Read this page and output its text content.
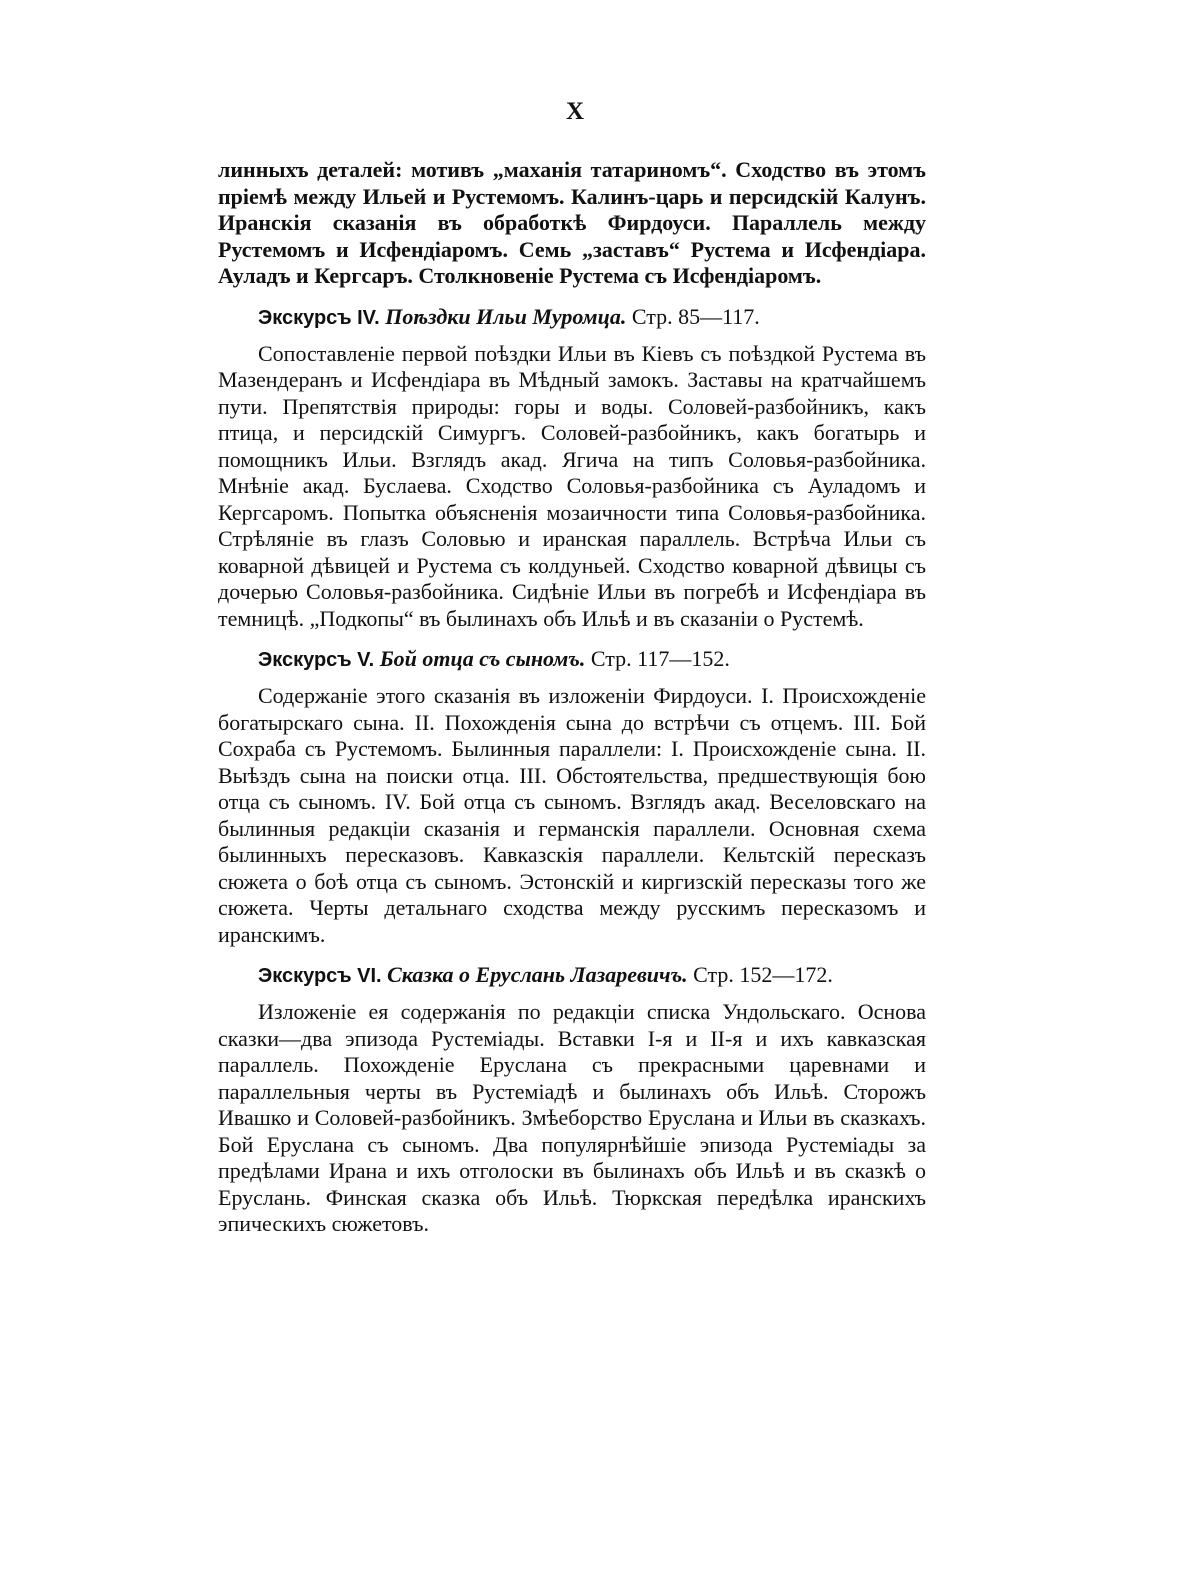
X

линныхъ деталей: мотивъ „маханія татариномъ“. Сходство въ этомъ пріемѣ между Ильей и Рустемомъ. Калинъ-царь и персидскій Калунъ. Иранскія сказанія въ обработкѣ Фирдоуси. Параллель между Рустемомъ и Исфендіаромъ. Семь „заставъ“ Рустема и Исфендіара. Ауладъ и Кергсаръ. Столкновеніе Рустема съ Исфендіаромъ.

Экскурсъ IV. Поѣздки Ильи Муромца. Стр. 85—117.

Сопоставленіе первой поѣздки Ильи въ Кіевъ съ поѣздкой Рустема въ Мазендеранъ и Исфендіара въ Мѣдный замокъ. Заставы на кратчайшемъ пути. Препятствія природы: горы и воды. Соловей-разбойникъ, какъ птица, и персидскій Симургъ. Соловей-разбойникъ, какъ богатырь и помощникъ Ильи. Взглядъ акад. Ягича на типъ Соловья-разбойника. Мнѣніе акад. Буслаева. Сходство Соловья-разбойника съ Ауладомъ и Кергсаромъ. Попытка объясненія мозаичности типа Соловья-разбойника. Стрѣляніе въ глазъ Соловью и иранская параллель. Встрѣча Ильи съ коварной дѣвицей и Рустема съ колдуньей. Сходство коварной дѣвицы съ дочерью Соловья-разбойника. Сидѣніе Ильи въ погребѣ и Исфендіара въ темницѣ. „Подкопы“ въ былинахъ объ Ильѣ и въ сказаніи о Рустемѣ.

Экскурсъ V. Бой отца съ сыномъ. Стр. 117—152.

Содержаніе этого сказанія въ изложеніи Фирдоуси. I. Происхожденіе богатырскаго сына. II. Похожденія сына до встрѣчи съ отцемъ. III. Бой Сохраба съ Рустемомъ. Былинныя параллели: I. Происхожденіе сына. II. Выѣздъ сына на поиски отца. III. Обстоятельства, предшествующія бою отца съ сыномъ. IV. Бой отца съ сыномъ. Взглядъ акад. Веселовскаго на былинныя редакціи сказанія и германскія параллели. Основная схема былинныхъ пересказовъ. Кавказскія параллели. Кельтскій пересказъ сюжета о боѣ отца съ сыномъ. Эстонскій и киргизскій пересказы того же сюжета. Черты детальнаго сходства между русскимъ пересказомъ и иранскимъ.

Экскурсъ VI. Сказка о Еруслань Лазаревичъ. Стр. 152—172.

Изложеніе ея содержанія по редакціи списка Ундольскаго. Основа сказки—два эпизода Рустеміады. Вставки I-я и II-я и ихъ кавказская параллель. Похожденіе Еруслана съ прекрасными царевнами и параллельныя черты въ Рустеміадѣ и былинахъ объ Ильѣ. Сторожъ Ивашко и Соловей-разбойникъ. Змѣеборство Еруслана и Ильи въ сказкахъ. Бой Еруслана съ сыномъ. Два популярнѣйшіе эпизода Рустеміады за предѣлами Ирана и ихъ отголоски въ былинахъ объ Ильѣ и въ сказкѣ о Еруслань. Финская сказка объ Ильѣ. Тюркская передѣлка иранскихъ эпическихъ сюжетовъ.
